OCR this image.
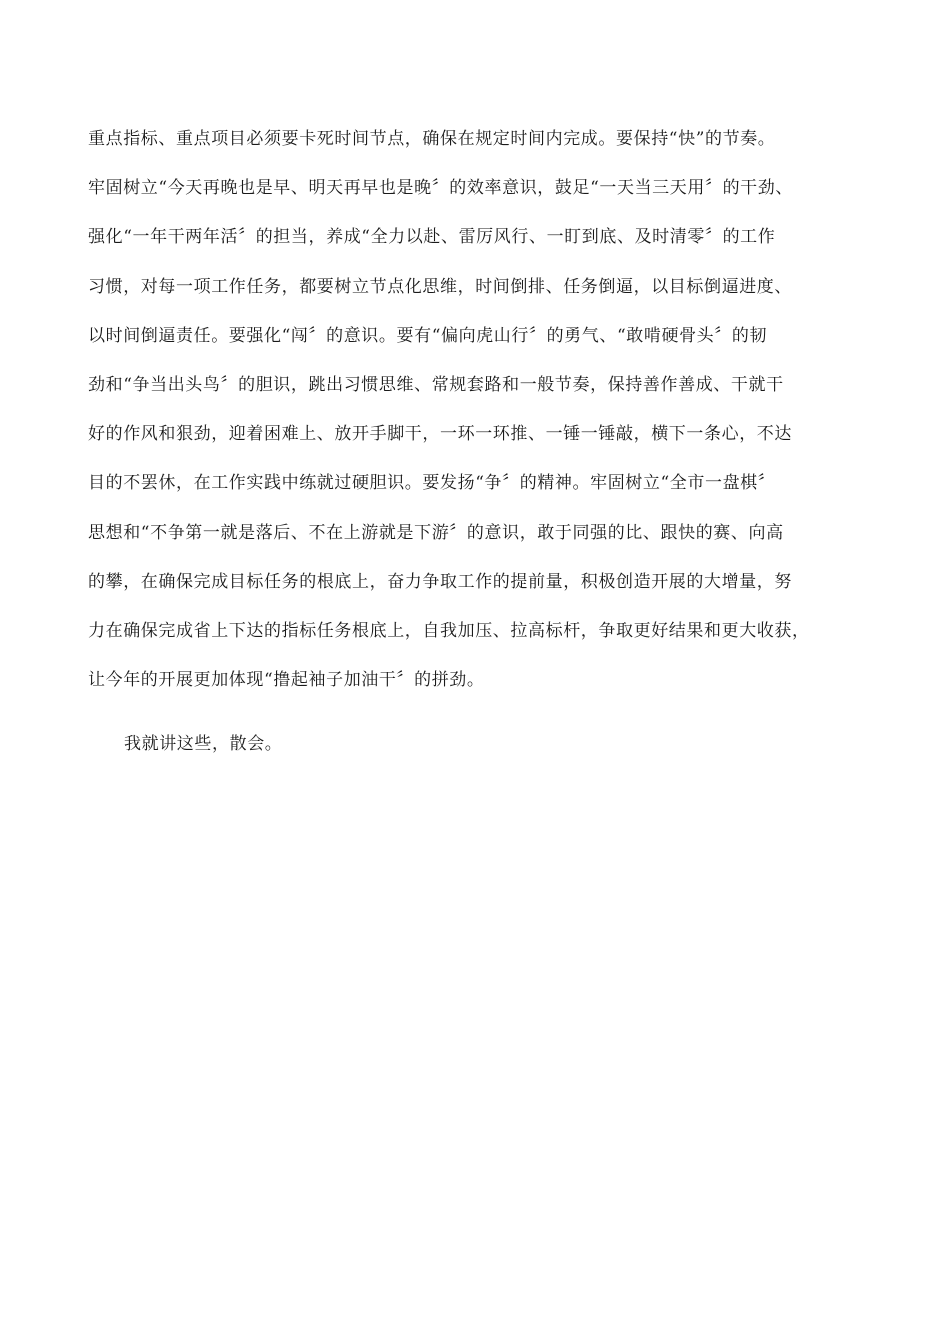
重点指标、重点项目必须要卡死时间节点，确保在规定时间内完成。要保持“快”的节奏。
牢固树立“今天再晚也是早、明天再早也是晚〞的效率意识，鼓足“一天当三天用〞的干劲、
强化“一年干两年活〞的担当，养成“全力以赴、雷厉风行、一盯到底、及时清零〞的工作
习惯，对每一项工作任务，都要树立节点化思维，时间倒排、任务倒逼，以目标倒逼进度、
以时间倒逼责任。要强化“闯〞的意识。要有“偏向虎山行〞的勇气、“敢啃硬骨头〞的韧
劲和“争当出头鸟〞的胆识，跳出习惯思维、常规套路和一般节奏，保持善作善成、干就干
好的作风和狠劲，迎着困难上、放开手脚干，一环一环推、一锤一锤敲，横下一条心，不达
目的不罢休，在工作实践中练就过硬胆识。要发扬“争〞的精神。牢固树立“全市一盘棋〞
思想和“不争第一就是落后、不在上游就是下游〞的意识，敢于同强的比、跟快的赛、向高
的攀，在确保完成目标任务的根底上，奋力争取工作的提前量，积极创造开展的大增量，努
力在确保完成省上下达的指标任务根底上，自我加压、拉高标杆，争取更好结果和更大收获，
让今年的开展更加体现“撸起袖子加油干〞的拼劲。
我就讲这些，散会。
